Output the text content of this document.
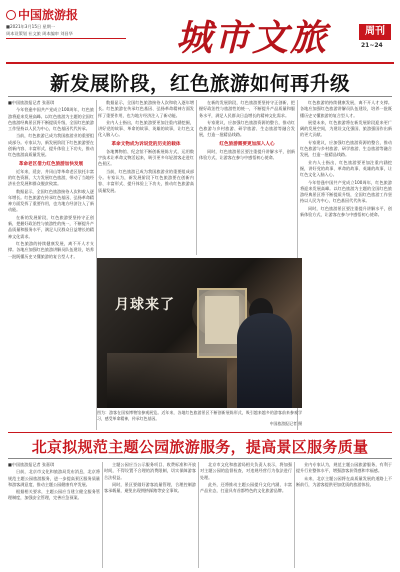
中国旅游报
■2021年3月15日 星期一
周本设策划 社文旅 周本编审 刘昌华	城市文旅	周刊
21~24
新发展阶段，红色旅游如何再升级

■中国旅游报记者 张嘉琪

今年恰逢中国共产党成立100周年，红色旅游将迎来发展高峰。以红色旅游为主题的全国红色旅游经典景区将不断提质升级，全国红色旅游工作坚持以人民为中心，红色基因代代传承。

当前，红色旅游已成为我国旅游业的重要组成部分。专家认为，新发展阶段下红色旅游要在创新内容、丰富形式、提升体验上下功夫，推动红色旅游高质量发展。

革命老区借力红色旅游加快发展

近年来，延安、井冈山等革命老区依托丰富的红色资源，大力发展红色旅游，带动了当地经济社会发展和群众脱贫致富。

数据显示，全国红色旅游接待人次和收入逐年增长。红色旅游在传承红色基因、弘扬革命精神方面发挥了重要作用，也为地方经济注入了新动能。

在新的发展阶段，红色旅游要坚持守正创新，把握好政治性与旅游性的统一，不断提升产品质量和服务水平，满足人民群众日益增长的精神文化需求。

红色旅游的持续健康发展，离不开人才支撑。各地应加强红色旅游讲解员队伍建设，培养一批既懂历史又懂旅游的复合型人才。

数据显示，全国红色旅游接待人次和收入逐年增长。红色旅游在传承红色基因、弘扬革命精神方面发挥了重要作用，也为地方经济注入了新动能。

业内人士指出，红色旅游要更加注重内涵挖掘，讲好党的故事、革命的故事、英雄的故事，让红色文化入脑入心。

革命文物成为诉说党的历史的载体

各地博物馆、纪念馆不断创新展陈方式，运用数字技术让革命文物活起来，吸引更多年轻游客走进红色景区。

当前，红色旅游已成为我国旅游业的重要组成部分。专家认为，新发展阶段下红色旅游要在创新内容、丰富形式、提升体验上下功夫，推动红色旅游高质量发展。

在新的发展阶段，红色旅游要坚持守正创新，把握好政治性与旅游性的统一，不断提升产品质量和服务水平，满足人民群众日益增长的精神文化需求。

专家建议，应加强红色旅游资源的整合，推动红色旅游与乡村旅游、研学旅游、生态旅游等融合发展，打造一批精品线路。

红色旅游需要更加深入人心

同时，红色旅游景区要注重提升讲解水平，创新体验方式，让游客在参与中感悟初心使命。

红色旅游的持续健康发展，离不开人才支撑。各地应加强红色旅游讲解员队伍建设，培养一批既懂历史又懂旅游的复合型人才。

展望未来，红色旅游将在新发展阶段迎来更广阔的发展空间，为建设文化强国、旅游强国作出新的更大贡献。

专家建议，应加强红色旅游资源的整合，推动红色旅游与乡村旅游、研学旅游、生态旅游等融合发展，打造一批精品线路。

业内人士指出，红色旅游要更加注重内涵挖掘，讲好党的故事、革命的故事、英雄的故事，让红色文化入脑入心。

今年恰逢中国共产党成立100周年，红色旅游将迎来发展高峰。以红色旅游为主题的全国红色旅游经典景区将不断提质升级，全国红色旅游工作坚持以人民为中心，红色基因代代传承。

同时，红色旅游景区要注重提升讲解水平，创新体验方式，让游客在参与中感悟初心使命。

月球来了
图为：游客在国家博物馆参观展览。近年来，各地红色旅游景区不断创新展陈形式，吸引越来越多的游客前来参观学习，感受革命精神，传承红色基因。
中国旅游报记者 摄
北京拟规范主题公园旅游服务，提高景区服务质量

■中国旅游报记者 张嘉琪

日前，北京市文化和旅游局发布消息，北京将规范主题公园旅游服务，进一步提高景区服务质量和游客满意度，推动主题公园健康有序发展。

根据相关要求，主题公园应当建立健全服务管理制度，加强安全管理，完善应急预案。

主题公园应当公示服务项目、收费标准和开放时间，不得设置不合理的消费限制，切实保障游客合法权益。

同时，景区要做好游客流量管理，合理控制游客承载量，避免出现拥挤踩踏等安全事故。

北京市文化和旅游局相关负责人表示，将加强对主题公园的监督检查，对违规经营行为依法进行处理。

此外，还将推动主题公园提升文化内涵，丰富产品业态，打造具有首都特色的文化旅游品牌。

业内专家认为，规范主题公园旅游服务，有利于提升行业整体水平，增强游客获得感和幸福感。

未来，北京主题公园将在高质量发展的道路上不断前行，为游客提供更加优质的旅游体验。
